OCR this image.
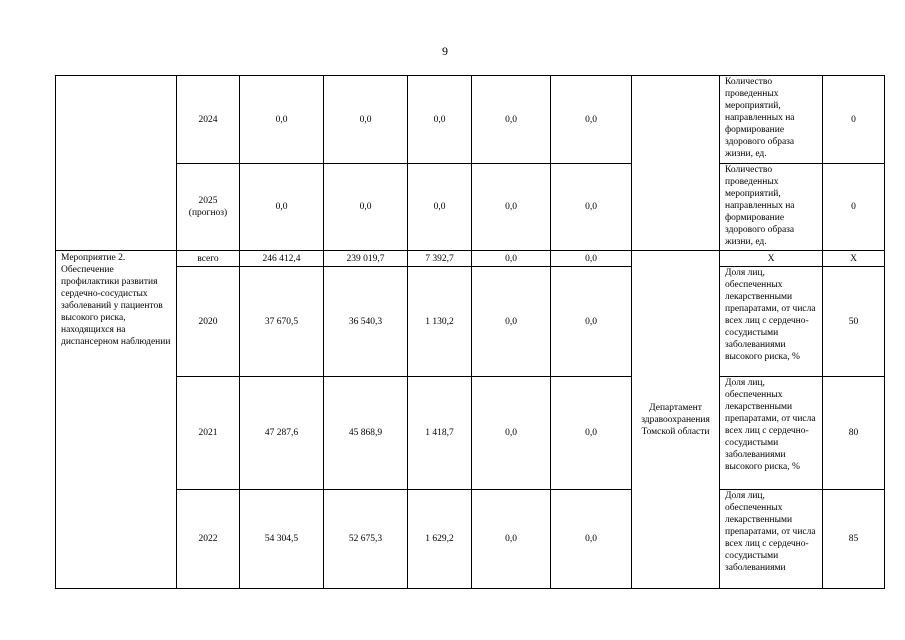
9
	2024	0,0	0,0	0,0	0,0	0,0		Количество проведенных мероприятий, направленных на формирование здорового образа жизни, ед.	0
	2025 (прогноз)	0,0	0,0	0,0	0,0	0,0		Количество проведенных мероприятий, направленных на формирование здорового образа жизни, ед.	0
Мероприятие 2. Обеспечение профилактики развития сердечно-сосудистых заболеваний у пациентов высокого риска, находящихся на диспансерном наблюдении	всего	246 412,4	239 019,7	7 392,7	0,0	0,0	Департамент здравоохранения Томской области	Х	Х
	2020	37 670,5	36 540,3	1 130,2	0,0	0,0		Доля лиц, обеспеченных лекарственными препаратами, от числа всех лиц с сердечно-сосудистыми заболеваниями высокого риска, %	50
	2021	47 287,6	45 868,9	1 418,7	0,0	0,0		Доля лиц, обеспеченных лекарственными препаратами, от числа всех лиц с сердечно-сосудистыми заболеваниями высокого риска, %	80
	2022	54 304,5	52 675,3	1 629,2	0,0	0,0		Доля лиц, обеспеченных лекарственными препаратами, от числа всех лиц с сердечно-сосудистыми заболеваниями	85
